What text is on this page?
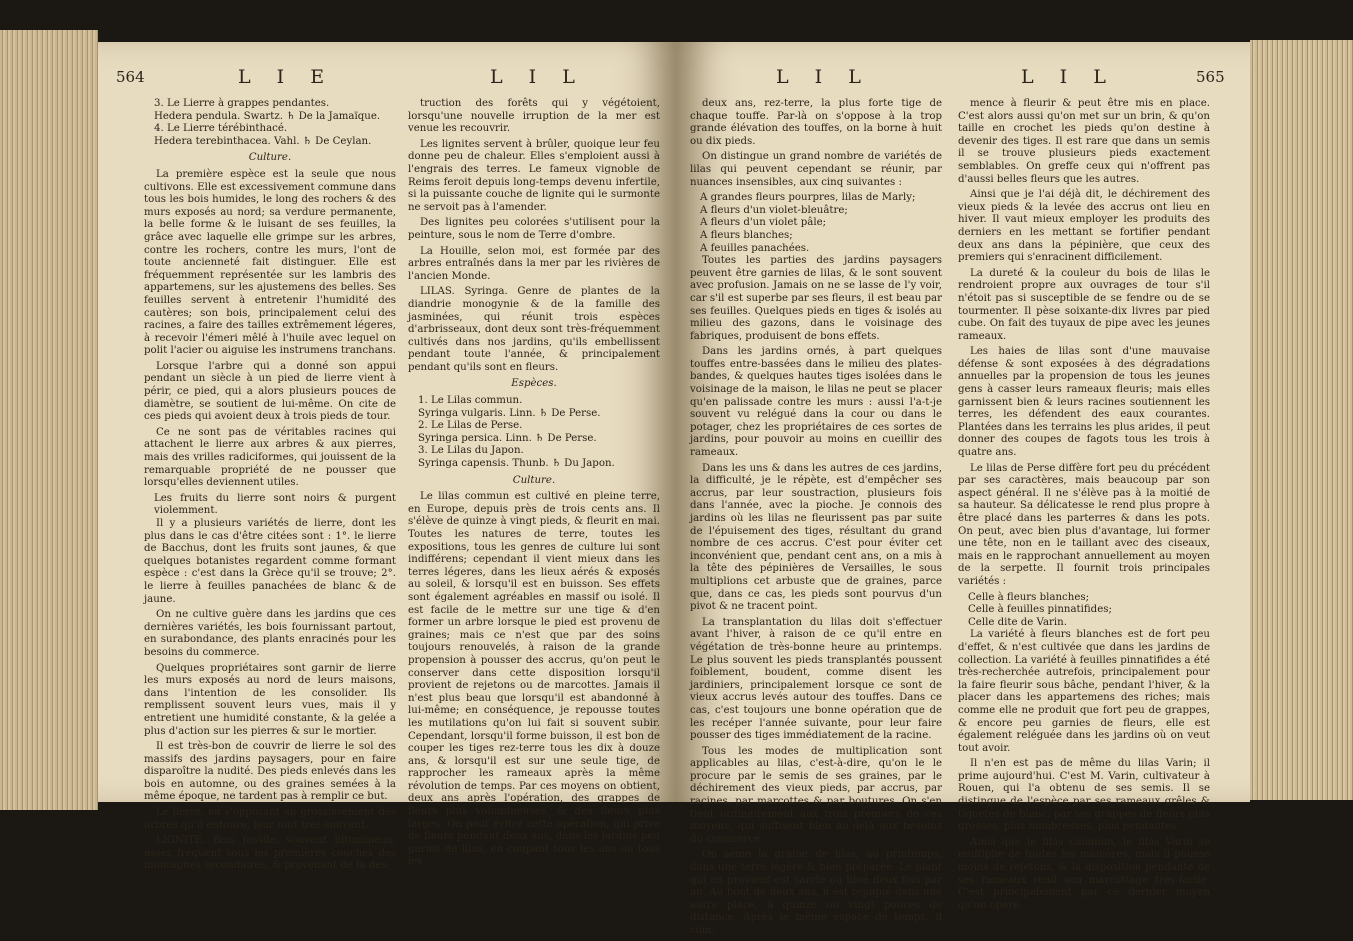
564	L I E	L I L

3. Le Lierre à grappes pendantes.

Hedera pendula. Swartz. ♄ De la Jamaïque.

4. Le Lierre térébinthacé.

Hedera terebinthacea. Vahl. ♄ De Ceylan.

Culture.

La première espèce est la seule que nous cultivons. Elle est excessivement commune dans tous les bois humides, le long des rochers & des murs exposés au nord; sa verdure permanente, la belle forme & le luisant de ses feuilles, la grâce avec laquelle elle grimpe sur les arbres, contre les rochers, contre les murs, l'ont de toute ancienneté fait distinguer. Elle est fréquemment représentée sur les lambris des appartemens, sur les ajustemens des belles. Ses feuilles servent à entretenir l'humidité des cautères; son bois, principalement celui des racines, a faire des tailles extrêmement légeres, à recevoir l'émeri mêlé à l'huile avec lequel on polit l'acier ou aiguise les instrumens tranchans.

Lorsque l'arbre qui a donné son appui pendant un siècle à un pied de lierre vient à périr, ce pied, qui a alors plusieurs pouces de diamètre, se soutient de lui-même. On cite de ces pieds qui avoient deux à trois pieds de tour.

Ce ne sont pas de véritables racines qui attachent le lierre aux arbres & aux pierres, mais des vrilles radiciformes, qui jouissent de la remarquable propriété de ne pousser que lorsqu'elles deviennent utiles.

Les fruits du lierre sont noirs & purgent violemment.

Il y a plusieurs variétés de lierre, dont les plus dans le cas d'être citées sont : 1°. le lierre de Bacchus, dont les fruits sont jaunes, & que quelques botanistes regardent comme formant espèce : c'est dans la Grèce qu'il se trouve; 2°. le lierre à feuilles panachées de blanc & de jaune.

On ne cultive guère dans les jardins que ces dernières variétés, les bois fournissant partout, en surabondance, des plants enracinés pour les besoins du commerce.

Quelques propriétaires sont garnir de lierre les murs exposés au nord de leurs maisons, dans l'intention de les consolider. Ils remplissent souvent leurs vues, mais il y entretient une humidité constante, & la gelée a plus d'action sur les pierres & sur le mortier.

Il est très-bon de couvrir de lierre le sol des massifs des jardins paysagers, pour en faire disparoître la nudité. Des pieds enlevés dans les bois en automne, ou des graines semées à la même époque, ne tardent pas à remplir ce but.

Le lierre, en s'opposant au grossissement des arbres qu'il entoure, leur nuit très-souvent.

LIGNITE. Bois fossile, souvent bitumineux, assez fréquent sous les premières couches des montagnes secondaires, & provenant de la des-

truction des forêts qui y végétoient, lorsqu'une nouvelle irruption de la mer est venue les recouvrir.

Les lignites servent à brûler, quoique leur feu donne peu de chaleur. Elles s'emploient aussi à l'engrais des terres. Le fameux vignoble de Reims feroit depuis long-temps devenu infertile, si la puissante couche de lignite qui le surmonte ne servoit pas à l'amender.

Des lignites peu colorées s'utilisent pour la peinture, sous le nom de Terre d'ombre.

La Houille, selon moi, est formée par des arbres entraînés dans la mer par les rivières de l'ancien Monde.

LILAS. Syringa. Genre de plantes de la diandrie monogynie & de la famille des jasminées, qui réunit trois espèces d'arbrisseaux, dont deux sont très-fréquemment cultivés dans nos jardins, qu'ils embellissent pendant toute l'année, & principalement pendant qu'ils sont en fleurs.

Espèces.

1. Le Lilas commun.

Syringa vulgaris. Linn. ♄ De Perse.

2. Le Lilas de Perse.

Syringa persica. Linn. ♄ De Perse.

3. Le Lilas du Japon.

Syringa capensis. Thunb. ♄ Du Japon.

Culture.

Le lilas commun est cultivé en pleine terre, en Europe, depuis près de trois cents ans. Il s'élève de quinze à vingt pieds, & fleurit en mai. Toutes les natures de terre, toutes les expositions, tous les genres de culture lui sont indifférens; cependant il vient mieux dans les terres légeres, dans les lieux aérés & exposés au soleil, & lorsqu'il est en buisson. Ses effets sont également agréables en massif ou isolé. Il est facile de le mettre sur une tige & d'en former un arbre lorsque le pied est provenu de graines; mais ce n'est que par des soins toujours renouvelés, à raison de la grande propension à pousser des accrus, qu'on peut le conserver dans cette disposition lorsqu'il provient de rejetons ou de marcottes. Jamais il n'est plus beau que lorsqu'il est abandonné à lui-même; en conséquence, je repousse toutes les mutilations qu'on lui fait si souvent subir. Cependant, lorsqu'il forme buisson, il est bon de couper les tiges rez-terre tous les dix à douze ans, & lorsqu'il est sur une seule tige, de rapprocher les rameaux après la même révolution de temps. Par ces moyens on obtient, deux ans après l'opération, des grappes de fleurs plus volumineuses, & des fleurs plus larges. On peut éviter cette opération, qui prive de fleurs pendant deux ans, dans les jardins peu garnis de lilas, en coupant tous les ans ou tous les

L I L	L I L	565

deux ans, rez-terre, la plus forte tige de chaque touffe. Par-là on s'oppose à la trop grande élévation des touffes, on la borne à huit ou dix pieds.

On distingue un grand nombre de variétés de lilas qui peuvent cependant se réunir, par nuances insensibles, aux cinq suivantes :

A grandes fleurs pourpres, lilas de Marly;

A fleurs d'un violet-bleuâtre;

A fleurs d'un violet pâle;

A fleurs blanches;

A feuilles panachées.

Toutes les parties des jardins paysagers peuvent être garnies de lilas, & le sont souvent avec profusion. Jamais on ne se lasse de l'y voir, car s'il est superbe par ses fleurs, il est beau par ses feuilles. Quelques pieds en tiges & isolés au milieu des gazons, dans le voisinage des fabriques, produisent de bons effets.

Dans les jardins ornés, à part quelques touffes entre-bassées dans le milieu des plates-bandes, & quelques hautes tiges isolées dans le voisinage de la maison, le lilas ne peut se placer qu'en palissade contre les murs : aussi l'a-t-je souvent vu relégué dans la cour ou dans le potager, chez les propriétaires de ces sortes de jardins, pour pouvoir au moins en cueillir des rameaux.

Dans les uns & dans les autres de ces jardins, la difficulté, je le répète, est d'empêcher ses accrus, par leur soustraction, plusieurs fois dans l'année, avec la pioche. Je connois des jardins où les lilas ne fleurissent pas par suite de l'épuisement des tiges, résultant du grand nombre de ces accrus. C'est pour éviter cet inconvénient que, pendant cent ans, on a mis à la tête des pépinières de Versailles, le sous multiplions cet arbuste que de graines, parce que, dans ce cas, les pieds sont pourvus d'un pivot & ne tracent point.

La transplantation du lilas doit s'effectuer avant l'hiver, à raison de ce qu'il entre en végétation de très-bonne heure au printemps. Le plus souvent les pieds transplantés poussent foiblement, boudent, comme disent les jardiniers, principalement lorsque ce sont de vieux accrus levés autour des touffes. Dans ce cas, c'est toujours une bonne opération que de les recéper l'année suivante, pour leur faire pousser des tiges immédiatement de la racine.

Tous les modes de multiplication sont applicables au lilas, c'est-à-dire, qu'on le le procure par le semis de ses graines, par le déchirement des vieux pieds, par accrus, par racines, par marcottes & par boutures. On s'en tient ordinairement aux trois premiers de ces moyens, qui suffisent bien au-delà aux besoins du commerce.

On seme la graine de lilas, au printemps, dans une terre légère & bien préparée. Le plant qui en provient est sarclé ou biné deux fois par an. Au bout de deux ans, il est repiqué dans une autre place, à quinze ou vingt pouces de distance. Après le même espace de temps, il com-

mence à fleurir & peut être mis en place. C'est alors aussi qu'on met sur un brin, & qu'on taille en crochet les pieds qu'on destine à devenir des tiges. Il est rare que dans un semis il se trouve plusieurs pieds exactement semblables. On greffe ceux qui n'offrent pas d'aussi belles fleurs que les autres.

Ainsi que je l'ai déjà dit, le déchirement des vieux pieds & la levée des accrus ont lieu en hiver. Il vaut mieux employer les produits des derniers en les mettant se fortifier pendant deux ans dans la pépinière, que ceux des premiers qui s'enracinent difficilement.

La dureté & la couleur du bois de lilas le rendroient propre aux ouvrages de tour s'il n'étoit pas si susceptible de se fendre ou de se tourmenter. Il pèse soixante-dix livres par pied cube. On fait des tuyaux de pipe avec les jeunes rameaux.

Les haies de lilas sont d'une mauvaise défense & sont exposées à des dégradations annuelles par la propension de tous les jeunes gens à casser leurs rameaux fleuris; mais elles garnissent bien & leurs racines soutiennent les terres, les défendent des eaux courantes. Plantées dans les terrains les plus arides, il peut donner des coupes de fagots tous les trois à quatre ans.

Le lilas de Perse diffère fort peu du précédent par ses caractères, mais beaucoup par son aspect général. Il ne s'élève pas à la moitié de sa hauteur. Sa délicatesse le rend plus propre à être placé dans les parterres & dans les pots. On peut, avec bien plus d'avantage, lui former une tête, non en le taillant avec des ciseaux, mais en le rapprochant annuellement au moyen de la serpette. Il fournit trois principales variétés :

Celle à fleurs blanches;

Celle à feuilles pinnatifides;

Celle dite de Varin.

La variété à fleurs blanches est de fort peu d'effet, & n'est cultivée que dans les jardins de collection. La variété à feuilles pinnatifides a été très-recherchée autrefois, principalement pour la faire fleurir sous bâche, pendant l'hiver, & la placer dans les appartemens des riches; mais comme elle ne produit que fort peu de grappes, & encore peu garnies de fleurs, elle est également reléguée dans les jardins où on veut tout avoir.

Il n'en est pas de même du lilas Varin; il prime aujourd'hui. C'est M. Varin, cultivateur à Rouen, qui l'a obtenu de ses semis. Il se distingue de l'espèce par ses rameaux grêles & tiquetés de blanc; par ses grappes de fleurs plus grosses, plus nombreuses, plus pendantes.

Ainsi que le lilas commun, le lilas Varin se multiplie de toutes les manières, mais il pousse moins de rejetons, & la disposition pendante de ses rameaux rend son marcottage très-facile. C'est principalement par ce dernier moyen qu'on opère
